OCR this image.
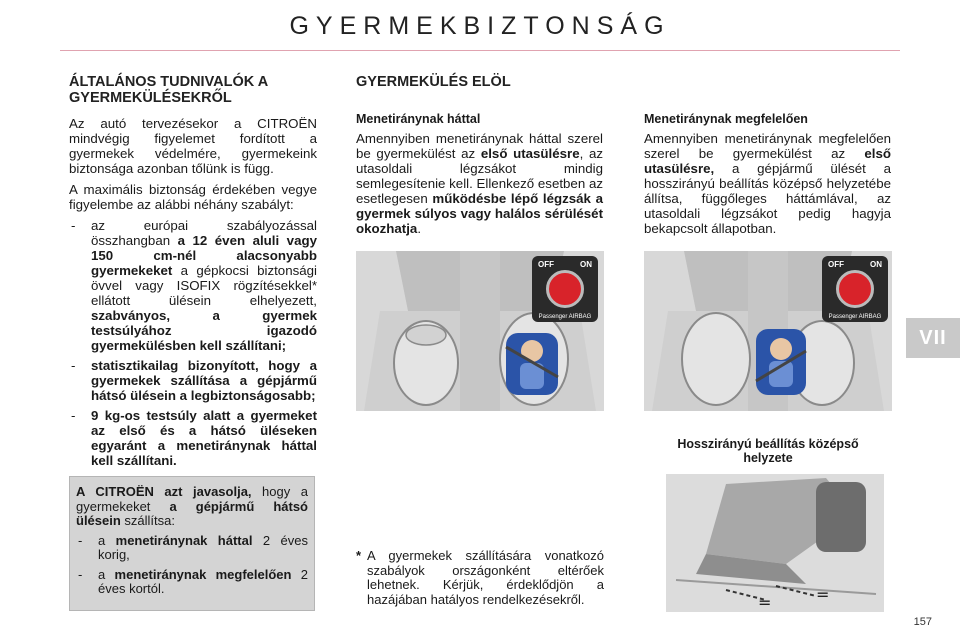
GYERMEKBIZTONSÁG
VII
ÁLTALÁNOS TUDNIVALÓK A
GYERMEKÜLÉSEKRŐL

Az autó tervezésekor a CITROËN mindvégig figyelemet fordított a gyermekek védelmére, gyermekeink biztonsága azonban tőlünk is függ.

A maximális biztonság érdekében vegye figyelembe az alábbi néhány szabályt:

- az európai szabályozással összhangban a 12 éven aluli vagy 150 cm-nél alacsonyabb gyermekeket a gépkocsi biztonsági övvel vagy ISOFIX rögzítésekkel* ellátott ülésein elhelyezett, szabványos, a gyermek testsúlyához igazodó gyermekülésben kell szállítani;
- statisztikailag bizonyított, hogy a gyermekek szállítása a gépjármű hátsó ülésein a legbiztonságosabb;
- 9 kg-os testsúly alatt a gyermeket az első és a hátsó üléseken egyaránt a menetiránynak háttal kell szállítani.

A CITROËN azt javasolja, hogy a gyermekeket a gépjármű hátsó ülésein szállítsa:

- a menetiránynak háttal 2 éves korig,
- a menetiránynak megfelelően 2 éves kortól.
GYERMEKÜLÉS ELÖL
Menetiránynak háttal

Amennyiben menetiránynak háttal szerel be gyermekülést az első utasülésre, az utasoldali légzsákot mindig semlegesítenie kell. Ellenkező esetben az esetlegesen működésbe lépő légzsák a gyermek súlyos vagy halálos sérülését okozhatja.

Menetiránynak megfelelően

Amennyiben menetiránynak megfelelően szerel be gyermekülést az első utasülésre, a gépjármű ülését a hosszirányú beállítás középső helyzetébe állítsa, függőleges háttámlával, az utasoldali légzsákot pedig hagyja bekapcsolt állapotban.

OFF	ON
Passenger AIRBAG
OFF	ON
Passenger AIRBAG
Hosszirányú beállítás középső helyzete
=	=
* A gyermekek szállítására vonatkozó szabályok országonként eltérőek lehetnek. Kérjük, érdeklődjön a hazájában hatályos rendelkezésekről.
157
